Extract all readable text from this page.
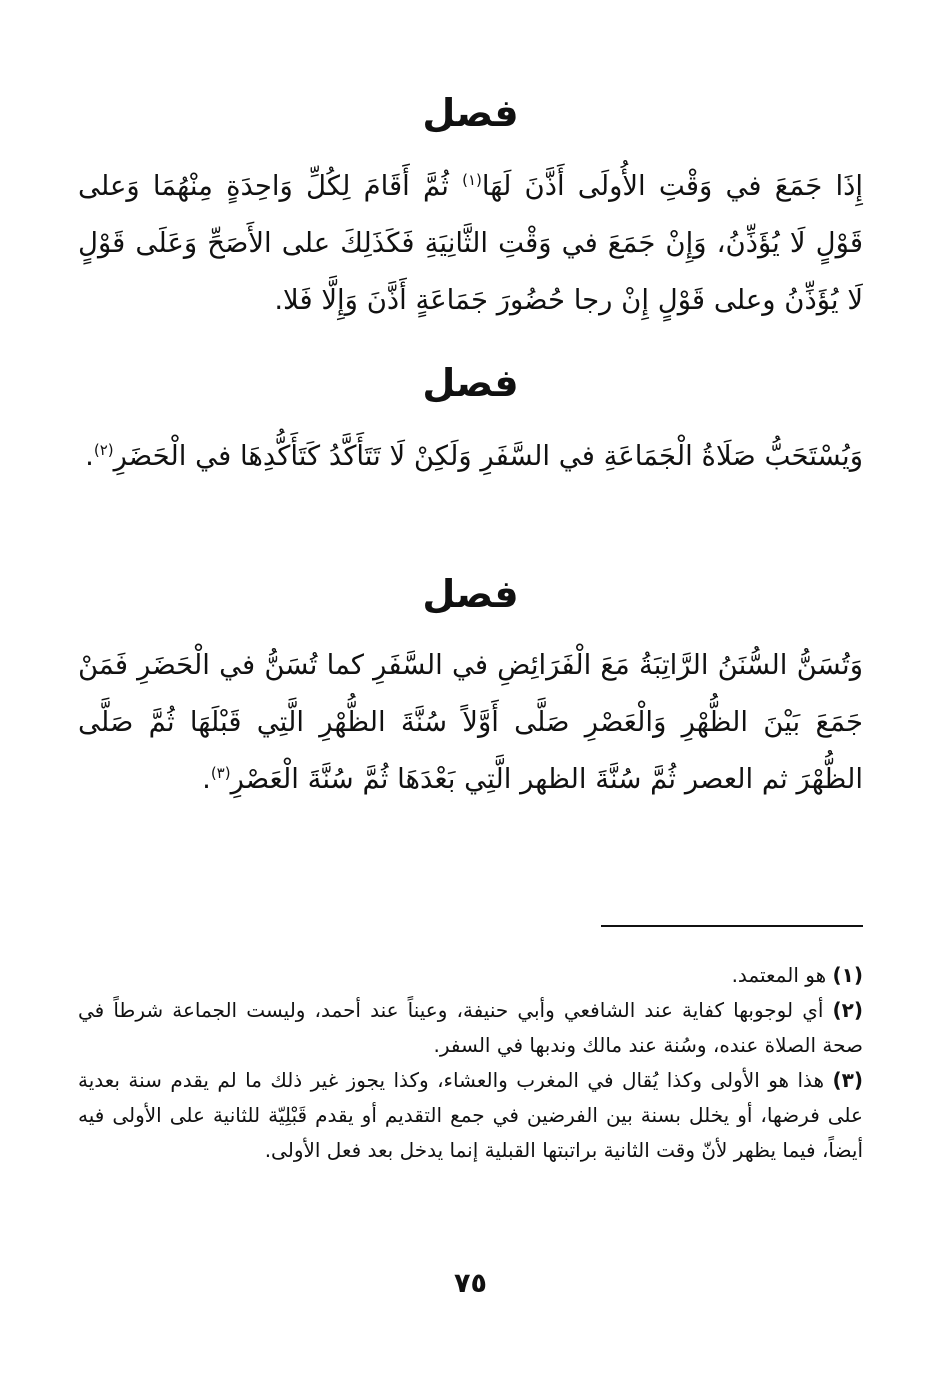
فصل

إِذَا جَمَعَ في وَقْتِ الأُولَى أَذَّنَ لَهَا$^{(١)}$ ثُمَّ أَقَامَ لِكُلِّ وَاحِدَةٍ مِنْهُمَا وَعلى قَوْلٍ لَا يُؤَذِّنُ، وَإِنْ جَمَعَ في وَقْتِ الثَّانِيَةِ فَكَذَلِكَ على الأَصَحِّ وَعَلَى قَوْلٍ لَا يُؤَذِّنُ وعلى قَوْلٍ إِنْ رجا حُضُورَ جَمَاعَةٍ أَذَّنَ وَإِلَّا فَلا.

فصل

وَيُسْتَحَبُّ صَلَاةُ الْجَمَاعَةِ في السَّفَرِ وَلَكِنْ لَا تَتَأَكَّدُ كَتَأَكُّدِهَا في الْحَضَرِ$^{(٢)}$.

فصل

وَتُسَنُّ السُّنَنُ الرَّاتِبَةُ مَعَ الْفَرَائِضِ في السَّفَرِ كما تُسَنُّ في الْحَضَرِ فَمَنْ جَمَعَ بَيْنَ الظُّهْرِ وَالْعَصْرِ صَلَّى أَوَّلاً سُنَّةَ الظُّهْرِ الَّتِي قَبْلَهَا ثُمَّ صَلَّى الظُّهْرَ ثم العصر ثُمَّ سُنَّةَ الظهر الَّتِي بَعْدَهَا ثُمَّ سُنَّةَ الْعَصْرِ$^{(٣)}$.

(١) هو المعتمد.

(٢) أي لوجوبها كفاية عند الشافعي وأبي حنيفة، وعيناً عند أحمد، وليست الجماعة شرطاً في صحة الصلاة عنده، وسُنة عند مالك وندبها في السفر.

(٣) هذا هو الأولى وكذا يُقال في المغرب والعشاء، وكذا يجوز غير ذلك ما لم يقدم سنة بعدية على فرضها، أو يخلل بسنة بين الفرضين في جمع التقديم أو يقدم قَبْلِيّة للثانية على الأولى فيه أيضاً، فيما يظهر لأنّ وقت الثانية براتبتها القبلية إنما يدخل بعد فعل الأولى.

٧٥
